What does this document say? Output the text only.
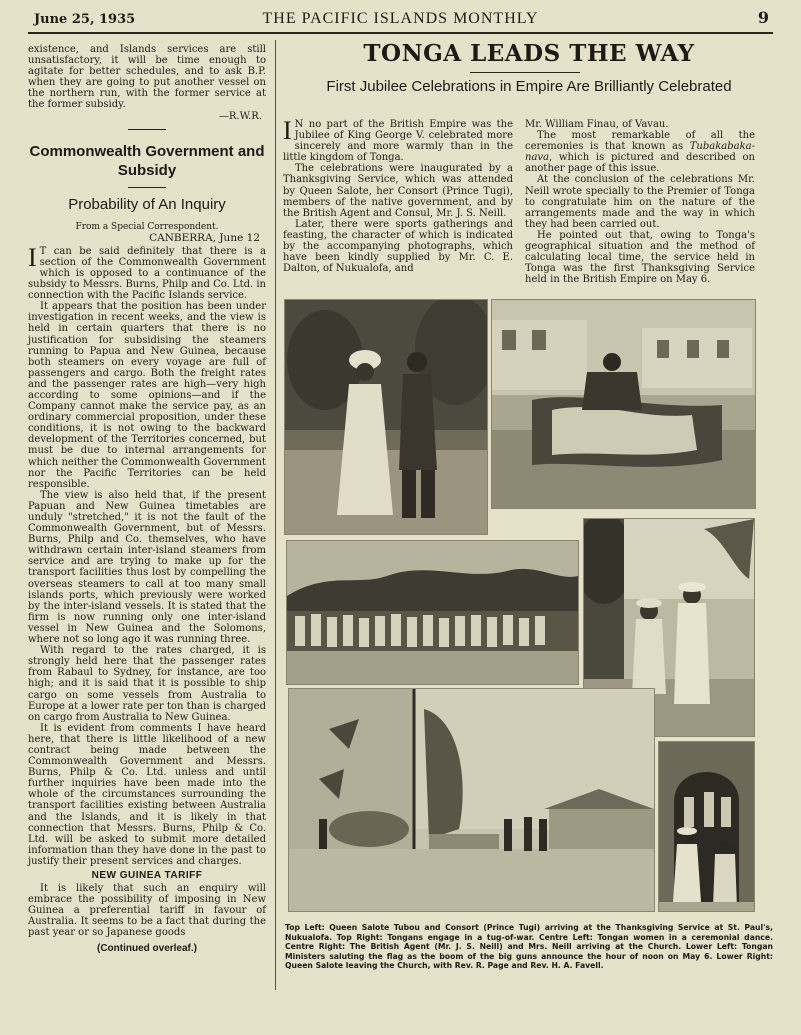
June 25, 1935	THE PACIFIC ISLANDS MONTHLY	9

existence, and Islands services are still unsatisfactory, it will be time enough to agitate for better schedules, and to ask B.P. when they are going to put another vessel on the northern run, with the former service at the former subsidy.

—R.W.R.
Commonwealth Government and Subsidy
Probability of An Inquiry
From a Special Correspondent.
CANBERRA, June 12

I T can be said definitely that there is a section of the Commonwealth Government which is opposed to a continuance of the subsidy to Messrs. Burns, Philp and Co. Ltd. in connection with the Pacific Islands service.

It appears that the position has been under investigation in recent weeks, and the view is held in certain quarters that there is no justification for subsidising the steamers running to Papua and New Guinea, because both steamers on every voyage are full of passengers and cargo. Both the freight rates and the passenger rates are high—very high according to some opinions—and if the Company cannot make the service pay, as an ordinary commercial proposition, under these conditions, it is not owing to the backward development of the Territories concerned, but must be due to internal arrangements for which neither the Commonwealth Government nor the Pacific Territories can be held responsible.

The view is also held that, if the present Papuan and New Guinea timetables are unduly "stretched," it is not the fault of the Commonwealth Government, but of Messrs. Burns, Philp and Co. themselves, who have withdrawn certain inter-island steamers from service and are trying to make up for the transport facilities thus lost by compelling the overseas steamers to call at too many small islands ports, which previously were worked by the inter-island vessels. It is stated that the firm is now running only one inter-island vessel in New Guinea and the Solomons, where not so long ago it was running three.

With regard to the rates charged, it is strongly held here that the passenger rates from Rabaul to Sydney, for instance, are too high; and it is said that it is possible to ship cargo on some vessels from Australia to Europe at a lower rate per ton than is charged on cargo from Australia to New Guinea.

It is evident from comments I have heard here, that there is little likelihood of a new contract being made between the Commonwealth Government and Messrs. Burns, Philp & Co. Ltd. unless and until further inquiries have been made into the whole of the circumstances surrounding the transport facilities existing between Australia and the Islands, and it is likely in that connection that Messrs. Burns, Philp & Co. Ltd. will be asked to submit more detailed information than they have done in the past to justify their present services and charges.

NEW GUINEA TARIFF

It is likely that such an enquiry will embrace the possibility of imposing in New Guinea a preferential tariff in favour of Australia. It seems to be a fact that during the past year or so Japanese goods

(Continued overleaf.)
TONGA LEADS THE WAY
First Jubilee Celebrations in Empire Are Brilliantly Celebrated

I N no part of the British Empire was the Jubilee of King George V. celebrated more sincerely and more warmly than in the little kingdom of Tonga.

The celebrations were inaugurated by a Thanksgiving Service, which was attended by Queen Salote, her Consort (Prince Tugi), members of the native government, and by the British Agent and Consul, Mr. J. S. Neill.

Later, there were sports gatherings and feasting, the character of which is indicated by the accompanying photographs, which have been kindly supplied by Mr. C. E. Dalton, of Nukualofa, and

Mr. William Finau, of Vavau.

The most remarkable of all the ceremonies is that known as Tubakabaka-nava, which is pictured and described on another page of this issue.

At the conclusion of the celebrations Mr. Neill wrote specially to the Premier of Tonga to congratulate him on the nature of the arrangements made and the way in which they had been carried out.

He pointed out that, owing to Tonga's geographical situation and the method of calculating local time, the service held in Tonga was the first Thanksgiving Service held in the British Empire on May 6.

Top Left: Queen Salote Tubou and Consort (Prince Tugi) arriving at the Thanksgiving Service at St. Paul's, Nukualofa. Top Right: Tongans engage in a tug-of-war. Centre Left: Tongan women in a ceremonial dance. Centre Right: The British Agent (Mr. J. S. Neill) and Mrs. Neill arriving at the Church. Lower Left: Tongan Ministers saluting the flag as the boom of the big guns announce the hour of noon on May 6. Lower Right: Queen Salote leaving the Church, with Rev. R. Page and Rev. H. A. Favell.
